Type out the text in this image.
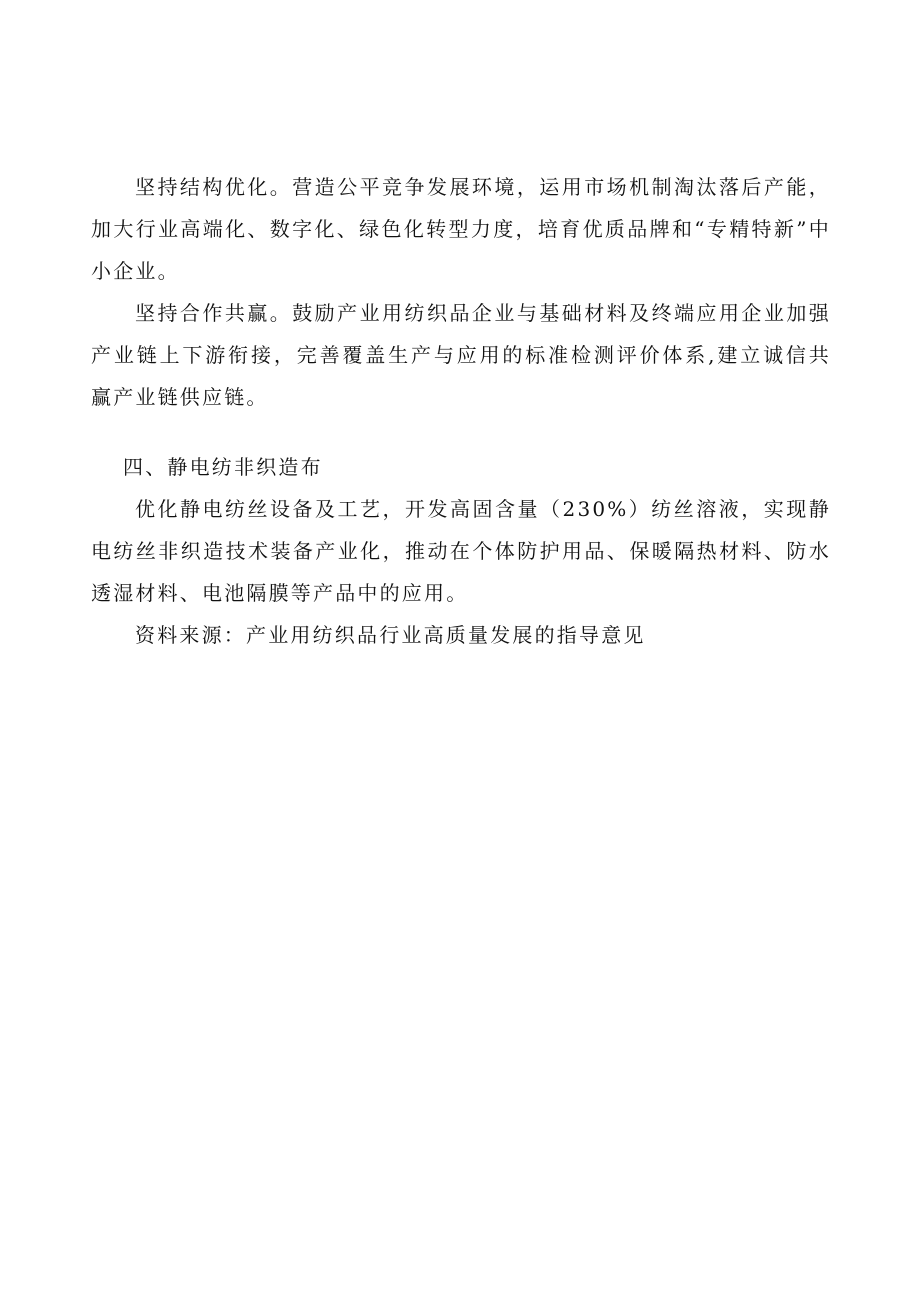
坚持结构优化。营造公平竞争发展环境，运用市场机制淘汰落后产能，加大行业高端化、数字化、绿色化转型力度，培育优质品牌和“专精特新”中小企业。

坚持合作共赢。鼓励产业用纺织品企业与基础材料及终端应用企业加强产业链上下游衔接，完善覆盖生产与应用的标准检测评价体系,建立诚信共赢产业链供应链。

四、静电纺非织造布

优化静电纺丝设备及工艺，开发高固含量（230%）纺丝溶液，实现静电纺丝非织造技术装备产业化，推动在个体防护用品、保暖隔热材料、防水透湿材料、电池隔膜等产品中的应用。

资料来源：产业用纺织品行业高质量发展的指导意见
